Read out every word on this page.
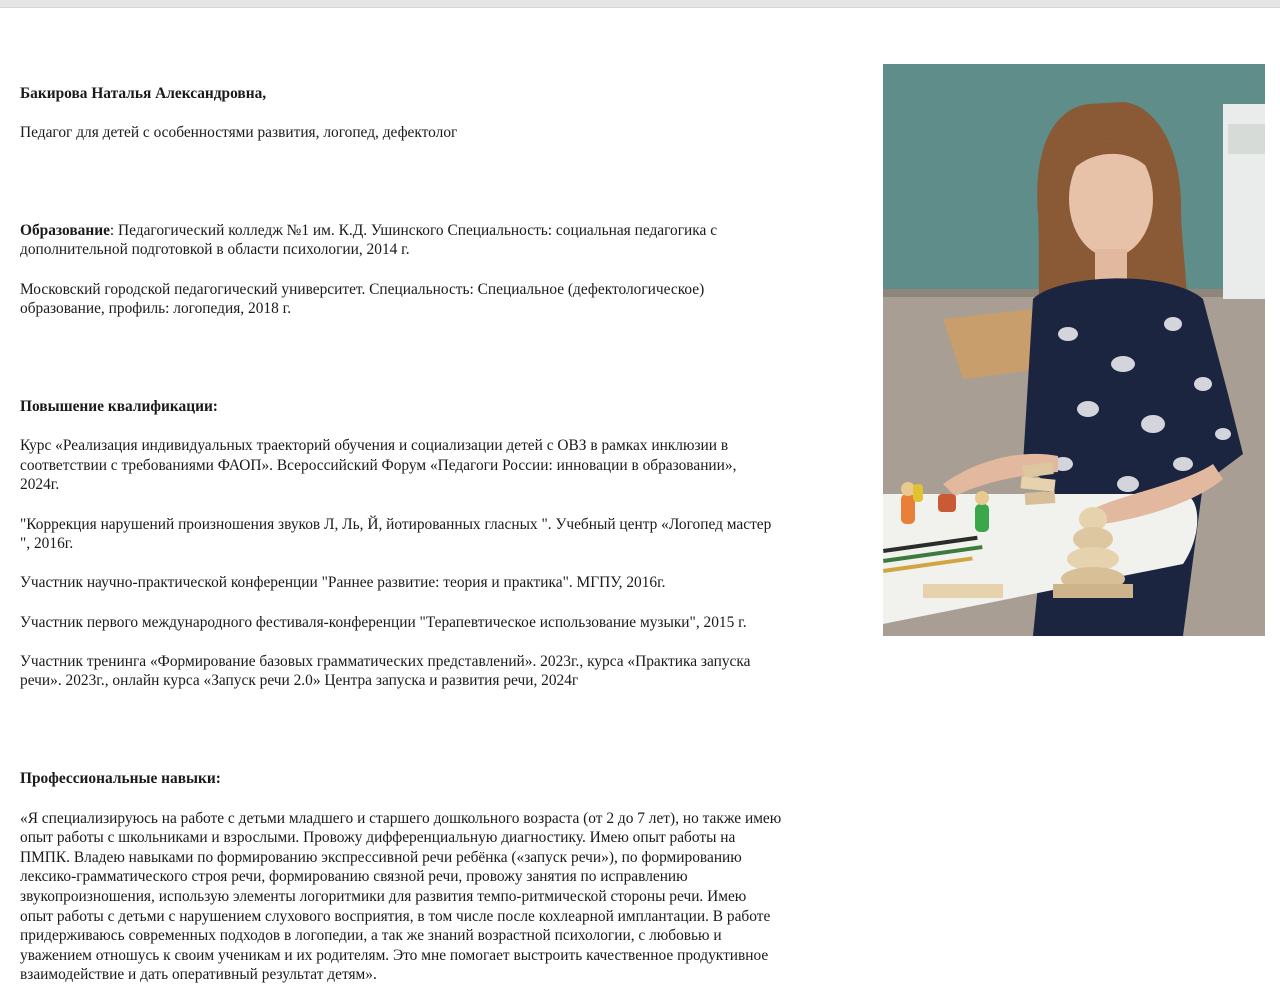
Бакирова Наталья Александровна,

Педагог для детей с особенностями развития, логопед, дефектолог

Образование: Педагогический колледж №1 им. К.Д. Ушинского Специальность: социальная педагогика с
дополнительной подготовкой в области психологии, 2014 г.

Московский городской педагогический университет. Специальность: Специальное (дефектологическое)
образование, профиль: логопедия, 2018 г.

Повышение квалификации:

Курс «Реализация индивидуальных траекторий обучения и социализации детей с ОВЗ в рамках инклюзии в
соответствии с требованиями ФАОП». Всероссийский Форум «Педагоги России: инновации в образовании»,
2024г.

"Коррекция нарушений произношения звуков Л, Ль, Й, йотированных гласных ". Учебный центр «Логопед мастер
", 2016г.

Участник научно-практической конференции "Раннее развитие: теория и практика". МГПУ, 2016г.

Участник первого международного фестиваля-конференции "Терапевтическое использование музыки", 2015 г.

Участник тренинга «Формирование базовых грамматических представлений». 2023г., курса «Практика запуска
речи». 2023г., онлайн курса «Запуск речи 2.0» Центра запуска и развития речи, 2024г

Профессиональные навыки:

«Я специализируюсь на работе с детьми младшего и старшего дошкольного возраста (от 2 до 7 лет), но также имею
опыт работы с школьниками и взрослыми. Провожу дифференциальную диагностику. Имею опыт работы на
ПМПК. Владею навыками по формированию экспрессивной речи ребёнка («запуск речи»), по формированию
лексико-грамматического строя речи, формированию связной речи, провожу занятия по исправлению
звукопроизношения, использую элементы логоритмики для развития темпо-ритмической стороны речи. Имею
опыт работы с детьми с нарушением слухового восприятия, в том числе после кохлеарной имплантации. В работе
придерживаюсь современных подходов в логопедии, а так же знаний возрастной психологии, с любовью и
уважением отношусь к своим ученикам и их родителям. Это мне помогает выстроить качественное продуктивное
взаимодействие и дать оперативный результат детям».
